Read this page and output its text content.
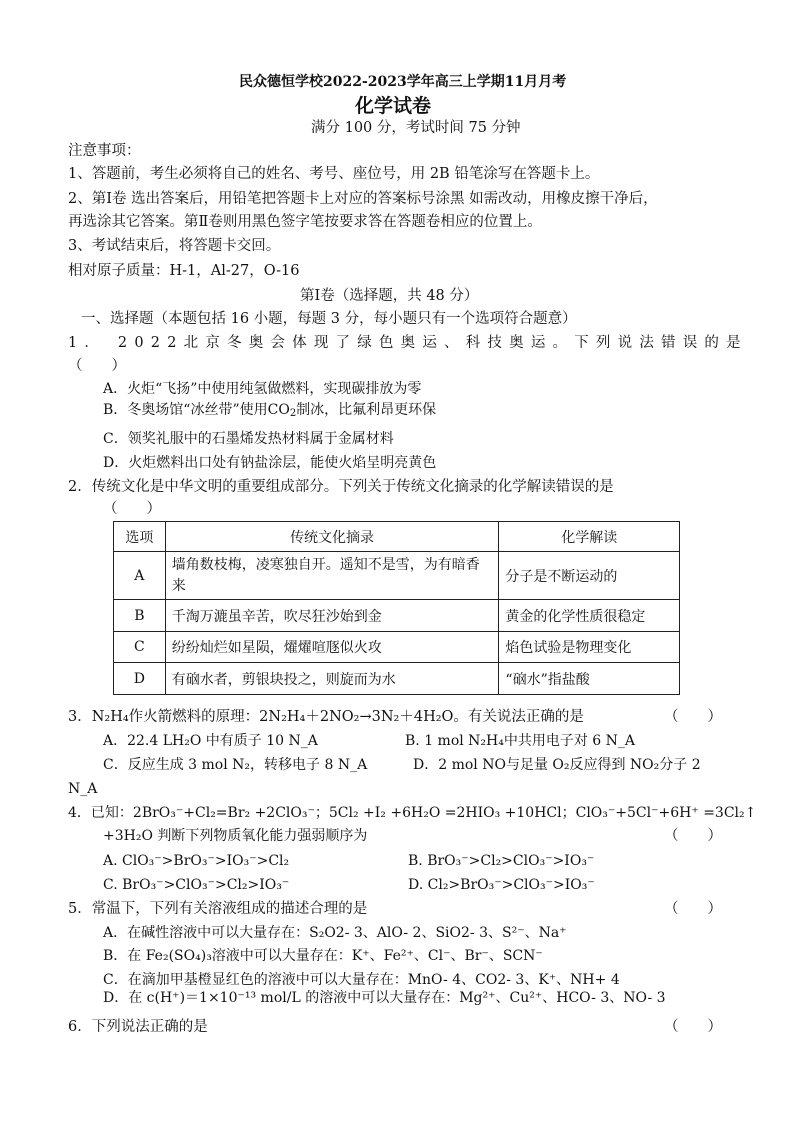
民众德恒学校2022-2023学年高三上学期11月月考
化学试卷
满分 100 分，考试时间 75 分钟
注意事项：
1、答题前，考生必须将自己的姓名、考号、座位号，用 2B 铅笔涂写在答题卡上。
2、第Ⅰ卷 选出答案后，用铅笔把答题卡上对应的答案标号涂黑 如需改动，用橡皮擦干净后，
再选涂其它答案。第Ⅱ卷则用黑色签字笔按要求答在答题卷相应的位置上。
3、考试结束后，将答题卡交回。
相对原子质量：H-1，Al-27，O-16
第Ⅰ卷（选择题，共 48 分）
一、选择题（本题包括 16 小题，每题 3 分，每小题只有一个选项符合题意）
1． 2022北京冬奥会体现了绿色奥运、科技奥运。下列说法错误的是
（　　）
A．火炬“飞扬”中使用纯氢做燃料，实现碳排放为零
B．冬奥场馆“冰丝带”使用$CO_2$制冰，比氟利昂更环保
C．领奖礼服中的石墨烯发热材料属于金属材料
D．火炬燃料出口处有钠盐涂层，能使火焰呈明亮黄色
2．传统文化是中华文明的重要组成部分。下列关于传统文化摘录的化学解读错误的是
（　　）
选项	传统文化摘录	化学解读
A	墙角数枝梅，凌寒独自开。遥知不是雪，为有暗香来	分子是不断运动的
B	千淘万漉虽辛苦，吹尽狂沙始到金	黄金的化学性质很稳定
C	纷纷灿烂如星陨，燿燿喧豗似火攻	焰色试验是物理变化
D	有硇水者，剪银块投之，则旋而为水	“硇水”指盐酸
3．N₂H₄作火箭燃料的原理：2N₂H₄＋2NO₂→3N₂＋4H₂O。有关说法正确的是	（　　）
A．22.4 LH₂O 中有质子 10 N_A	B. 1 mol N₂H₄中共用电子对 6 N_A
C．反应生成 3 mol N₂，转移电子 8 N_A	D．2 mol NO与足量 O₂反应得到 NO₂分子 2
N_A
4．已知：2BrO₃⁻+Cl₂=Br₂ +2ClO₃⁻；5Cl₂ +I₂ +6H₂O =2HIO₃ +10HCl；ClO₃⁻+5Cl⁻+6H⁺ =3Cl₂↑
+3H₂O 判断下列物质氧化能力强弱顺序为	（　　）
A. ClO₃⁻>BrO₃⁻>IO₃⁻>Cl₂	B. BrO₃⁻>Cl₂>ClO₃⁻>IO₃⁻
C. BrO₃⁻>ClO₃⁻>Cl₂>IO₃⁻	D. Cl₂>BrO₃⁻>ClO₃⁻>IO₃⁻
5．常温下，下列有关溶液组成的描述合理的是	（　　）
A．在碱性溶液中可以大量存在：S₂O2- 3、AlO- 2、SiO2- 3、S²⁻、Na⁺
B．在 Fe₂(SO₄)₃溶液中可以大量存在：K⁺、Fe²⁺、Cl⁻、Br⁻、SCN⁻
C．在滴加甲基橙显红色的溶液中可以大量存在：MnO- 4、CO2- 3、K⁺、NH+ 4
D．在 c(H⁺)＝1×10⁻¹³ mol/L 的溶液中可以大量存在：Mg²⁺、Cu²⁺、HCO- 3、NO- 3
6．下列说法正确的是	（　　）
